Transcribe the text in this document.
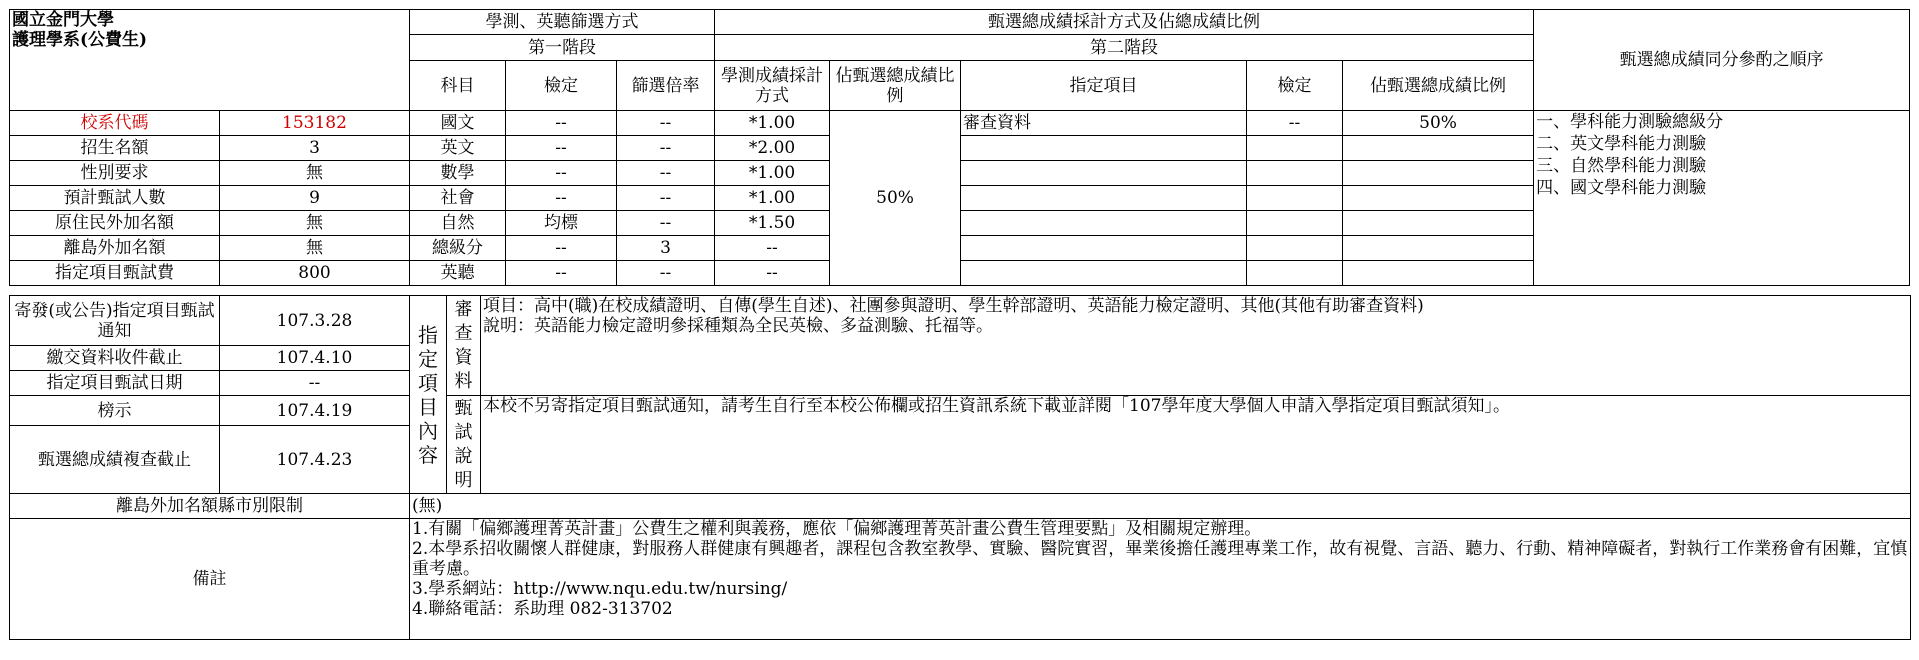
國立金門大學
護理學系(公費生)		學測、英聽篩選方式			甄選總成績採計方式及佔總成績比例					甄選總成績同分參酌之順序
		第一階段			第二階段					
		科目	檢定	篩選倍率	學測成績採計方式	佔甄選總成績比例	指定項目	檢定	佔甄選總成績比例	
校系代碼	153182	國文	--	--	*1.00	50%	審查資料	--	50%	一、學科能力測驗總級分
二、英文學科能力測驗
三、自然學科能力測驗
四、國文學科能力測驗

招生名額	3	英文	--	--	*2.00					
性別要求	無	數學	--	--	*1.00					
預計甄試人數	9	社會	--	--	*1.00					
原住民外加名額	無	自然	均標	--	*1.50					
離島外加名額	無	總級分	--	3	--					
指定項目甄試費	800	英聽	--	--	--					
寄發(或公告)指定項目甄試通知	107.3.28	指定項目內容	審查資料	項目：高中(職)在校成績證明、自傳(學生自述)、社團參與證明、學生幹部證明、英語能力檢定證明、其他(其他有助審查資料)
說明：英語能力檢定證明參採種類為全民英檢、多益測驗、托福等。

繳交資料收件截止	107.4.10			
指定項目甄試日期	--			
榜示	107.4.19		甄試說明	本校不另寄指定項目甄試通知，請考生自行至本校公佈欄或招生資訊系統下載並詳閱「107學年度大學個人申請入學指定項目甄試須知」。
甄選總成績複查截止	107.4.23			
離島外加名額縣市別限制		(無)		
備註		1.有關「偏鄉護理菁英計畫」公費生之權利與義務，應依「偏鄉護理菁英計畫公費生管理要點」及相關規定辦理。
2.本學系招收關懷人群健康，對服務人群健康有興趣者，課程包含教室教學、實驗、醫院實習，畢業後擔任護理專業工作，故有視覺、言語、聽力、行動、精神障礙者，對執行工作業務會有困難，宜慎重考慮。
3.學系網站：http://www.nqu.edu.tw/nursing/
4.聯絡電話：系助理 082-313702		
